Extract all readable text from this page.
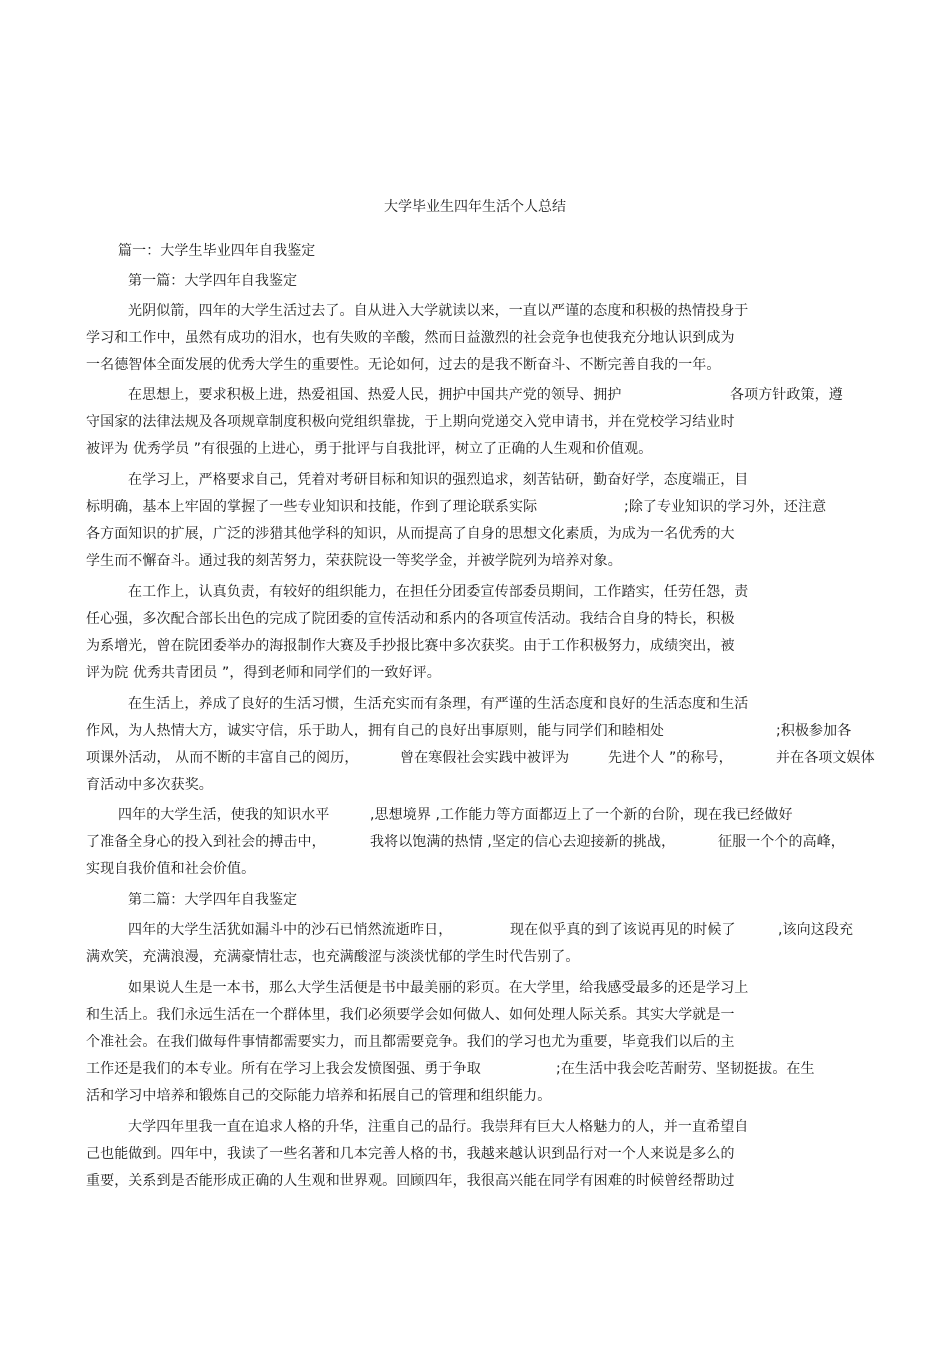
大学毕业生四年生活个人总结
篇一：大学生毕业四年自我鉴定
第一篇：大学四年自我鉴定
光阴似箭，四年的大学生活过去了。自从进入大学就读以来，一直以严谨的态度和积极的热情投身于
学习和工作中，虽然有成功的泪水，也有失败的辛酸，然而日益激烈的社会竞争也使我充分地认识到成为
一名德智体全面发展的优秀大学生的重要性。无论如何，过去的是我不断奋斗、不断完善自我的一年。
在思想上，要求积极上进，热爱祖国、热爱人民，拥护中国共产党的领导、拥护	各项方针政策，遵
守国家的法律法规及各项规章制度积极向党组织靠拢，于上期向党递交入党申请书，并在党校学习结业时
被评为 优秀学员 ”有很强的上进心，勇于批评与自我批评，树立了正确的人生观和价值观。
在学习上，严格要求自己，凭着对考研目标和知识的强烈追求，刻苦钻研，勤奋好学，态度端正，目
标明确，基本上牢固的掌握了一些专业知识和技能，作到了理论联系实际	;除了专业知识的学习外，还注意
各方面知识的扩展，广泛的涉猎其他学科的知识，从而提高了自身的思想文化素质，为成为一名优秀的大
学生而不懈奋斗。通过我的刻苦努力，荣获院设一等奖学金，并被学院列为培养对象。
在工作上，认真负责，有较好的组织能力，在担任分团委宣传部委员期间，工作踏实，任劳任怨，责
任心强，多次配合部长出色的完成了院团委的宣传活动和系内的各项宣传活动。我结合自身的特长，积极
为系增光，曾在院团委举办的海报制作大赛及手抄报比赛中多次获奖。由于工作积极努力，成绩突出，被
评为院 优秀共青团员 ”，得到老师和同学们的一致好评。
在生活上，养成了良好的生活习惯，生活充实而有条理，有严谨的生活态度和良好的生活态度和生活
作风，为人热情大方，诚实守信，乐于助人，拥有自己的良好出事原则，能与同学们和睦相处	;积极参加各
项课外活动， 从而不断的丰富自己的阅历，	曾在寒假社会实践中被评为	先进个人 ”的称号，	并在各项文娱体
育活动中多次获奖。
四年的大学生活，使我的知识水平	,思想境界 ,工作能力等方面都迈上了一个新的台阶，现在我已经做好
了准备全身心的投入到社会的搏击中，	我将以饱满的热情 ,坚定的信心去迎接新的挑战，	征服一个个的高峰，
实现自我价值和社会价值。
第二篇：大学四年自我鉴定
四年的大学生活犹如漏斗中的沙石已悄然流逝昨日，	现在似乎真的到了该说再见的时候了	,该向这段充
满欢笑，充满浪漫，充满豪情壮志，也充满酸涩与淡淡忧郁的学生时代告别了。
如果说人生是一本书，那么大学生活便是书中最美丽的彩页。在大学里，给我感受最多的还是学习上
和生活上。我们永远生活在一个群体里，我们必须要学会如何做人、如何处理人际关系。其实大学就是一
个准社会。在我们做每件事情都需要实力，而且都需要竞争。我们的学习也尤为重要，毕竟我们以后的主
工作还是我们的本专业。所有在学习上我会发愤图强、勇于争取	;在生活中我会吃苦耐劳、坚韧挺拔。在生
活和学习中培养和锻炼自己的交际能力培养和拓展自己的管理和组织能力。
大学四年里我一直在追求人格的升华，注重自己的品行。我崇拜有巨大人格魅力的人，并一直希望自
己也能做到。四年中，我读了一些名著和几本完善人格的书，我越来越认识到品行对一个人来说是多么的
重要，关系到是否能形成正确的人生观和世界观。回顾四年，我很高兴能在同学有困难的时候曾经帮助过
